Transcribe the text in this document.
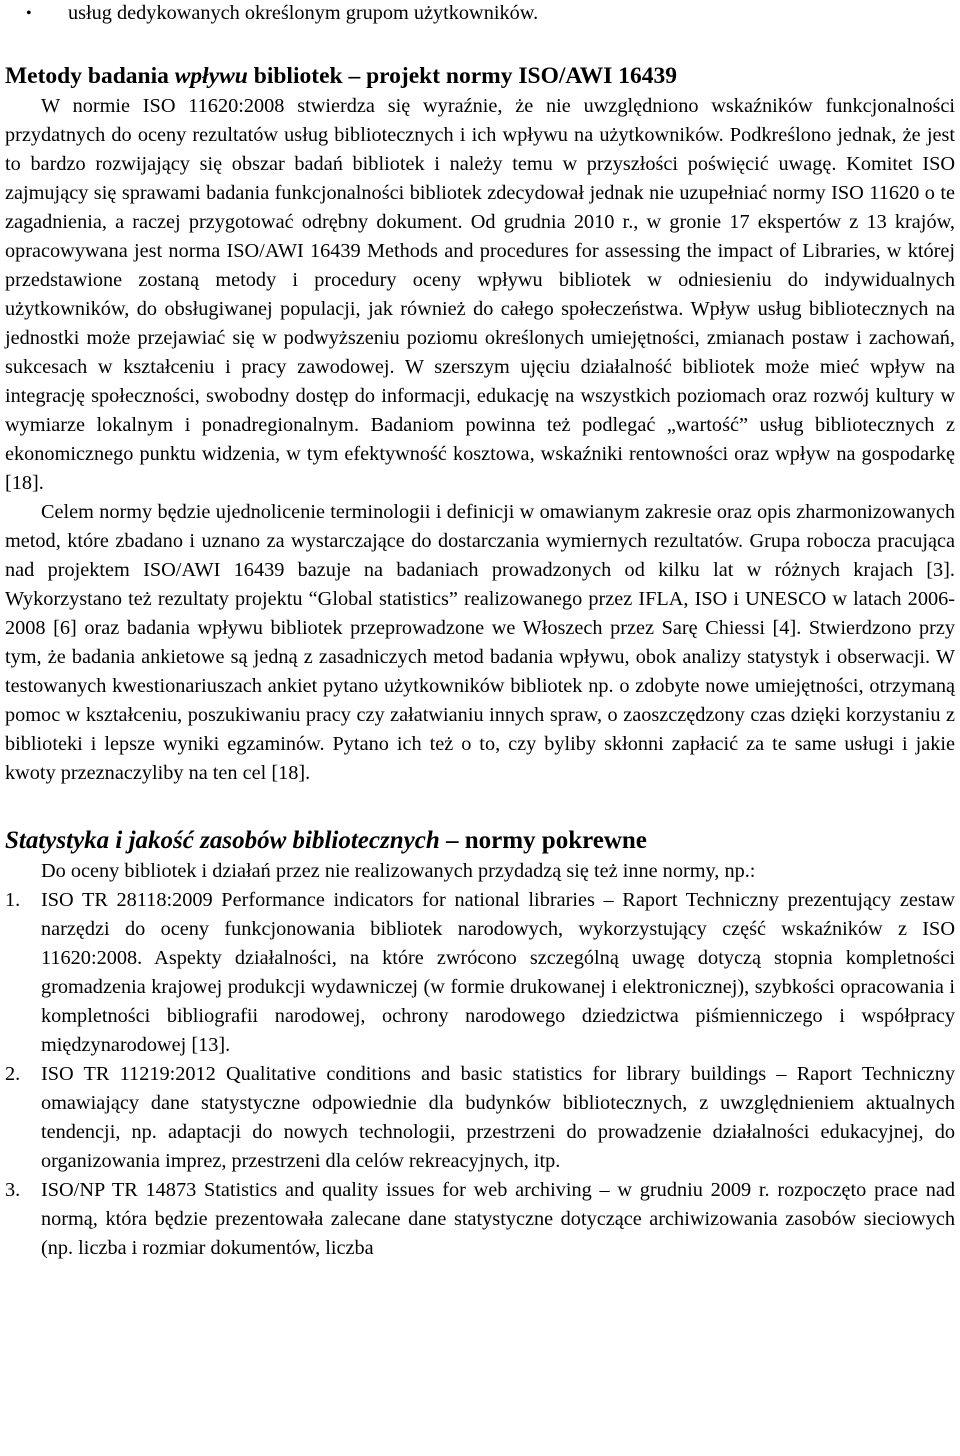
•	usług dedykowanych określonym grupom użytkowników.
Metody badania wpływu bibliotek – projekt normy ISO/AWI 16439

W normie ISO 11620:2008 stwierdza się wyraźnie, że nie uwzględniono wskaźników funkcjonalności przydatnych do oceny rezultatów usług bibliotecznych i ich wpływu na użytkowników. Podkreślono jednak, że jest to bardzo rozwijający się obszar badań bibliotek i należy temu w przyszłości poświęcić uwagę. Komitet ISO zajmujący się sprawami badania funkcjonalności bibliotek zdecydował jednak nie uzupełniać normy ISO 11620 o te zagadnienia, a raczej przygotować odrębny dokument. Od grudnia 2010 r., w gronie 17 ekspertów z 13 krajów, opracowywana jest norma ISO/AWI 16439 Methods and procedures for assessing the impact of Libraries, w której przedstawione zostaną metody i procedury oceny wpływu bibliotek w odniesieniu do indywidualnych użytkowników, do obsługiwanej populacji, jak również do całego społeczeństwa. Wpływ usług bibliotecznych na jednostki może przejawiać się w podwyższeniu poziomu określonych umiejętności, zmianach postaw i zachowań, sukcesach w kształceniu i pracy zawodowej. W szerszym ujęciu działalność bibliotek może mieć wpływ na integrację społeczności, swobodny dostęp do informacji, edukację na wszystkich poziomach oraz rozwój kultury w wymiarze lokalnym i ponadregionalnym. Badaniom powinna też podlegać „wartość” usług bibliotecznych z ekonomicznego punktu widzenia, w tym efektywność kosztowa, wskaźniki rentowności oraz wpływ na gospodarkę [18].

Celem normy będzie ujednolicenie terminologii i definicji w omawianym zakresie oraz opis zharmonizowanych metod, które zbadano i uznano za wystarczające do dostarczania wymiernych rezultatów. Grupa robocza pracująca nad projektem ISO/AWI 16439 bazuje na badaniach prowadzonych od kilku lat w różnych krajach [3]. Wykorzystano też rezultaty projektu “Global statistics” realizowanego przez IFLA, ISO i UNESCO w latach 2006-2008 [6] oraz badania wpływu bibliotek przeprowadzone we Włoszech przez Sarę Chiessi [4]. Stwierdzono przy tym, że badania ankietowe są jedną z zasadniczych metod badania wpływu, obok analizy statystyk i obserwacji. W testowanych kwestionariuszach ankiet pytano użytkowników bibliotek np. o zdobyte nowe umiejętności, otrzymaną pomoc w kształceniu, poszukiwaniu pracy czy załatwianiu innych spraw, o zaoszczędzony czas dzięki korzystaniu z biblioteki i lepsze wyniki egzaminów. Pytano ich też o to, czy byliby skłonni zapłacić za te same usługi i jakie kwoty przeznaczyliby na ten cel [18].

Statystyka i jakość zasobów bibliotecznych – normy pokrewne

Do oceny bibliotek i działań przez nie realizowanych przydadzą się też inne normy, np.:

1.	ISO TR 28118:2009 Performance indicators for national libraries – Raport Techniczny prezentujący zestaw narzędzi do oceny funkcjonowania bibliotek narodowych, wykorzystujący część wskaźników z ISO 11620:2008. Aspekty działalności, na które zwrócono szczególną uwagę dotyczą stopnia kompletności gromadzenia krajowej produkcji wydawniczej (w formie drukowanej i elektronicznej), szybkości opracowania i kompletności bibliografii narodowej, ochrony narodowego dziedzictwa piśmienniczego i współpracy międzynarodowej [13].
2.	ISO TR 11219:2012 Qualitative conditions and basic statistics for library buildings – Raport Techniczny omawiający dane statystyczne odpowiednie dla budynków bibliotecznych, z uwzględnieniem aktualnych tendencji, np. adaptacji do nowych technologii, przestrzeni do prowadzenie działalności edukacyjnej, do organizowania imprez, przestrzeni dla celów rekreacyjnych, itp.
3.	ISO/NP TR 14873 Statistics and quality issues for web archiving – w grudniu 2009 r. rozpoczęto prace nad normą, która będzie prezentowała zalecane dane statystyczne dotyczące archiwizowania zasobów sieciowych (np. liczba i rozmiar dokumentów, liczba
